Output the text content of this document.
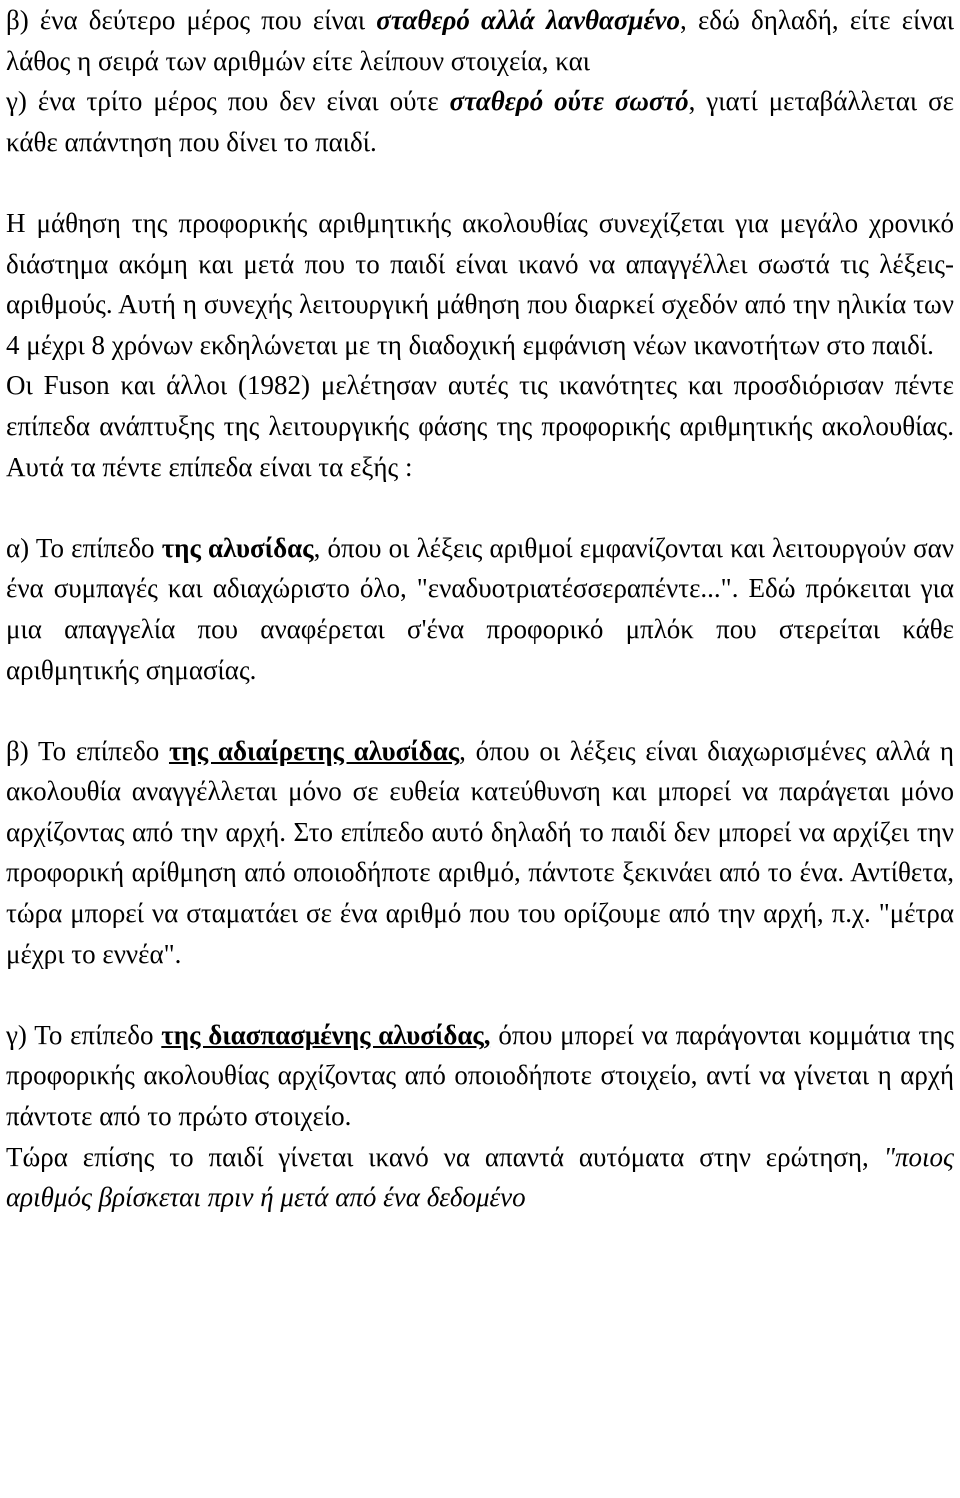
β) ένα δεύτερο μέρος που είναι σταθερό αλλά λανθασμένο, εδώ δηλαδή, είτε είναι λάθος η σειρά των αριθμών είτε λείπουν στοιχεία, και

γ) ένα τρίτο μέρος που δεν είναι ούτε σταθερό ούτε σωστό, γιατί μεταβάλλεται σε κάθε απάντηση που δίνει το παιδί.

Η μάθηση της προφορικής αριθμητικής ακολουθίας συνεχίζεται για μεγάλο χρονικό διάστημα ακόμη και μετά που το παιδί είναι ικανό να απαγγέλλει σωστά τις λέξεις-αριθμούς. Αυτή η συνεχής λειτουργική μάθηση που διαρκεί σχεδόν από την ηλικία των 4 μέχρι 8 χρόνων εκδηλώνεται με τη διαδοχική εμφάνιση νέων ικανοτήτων στο παιδί.

Οι Fuson και άλλοι (1982) μελέτησαν αυτές τις ικανότητες και προσδιόρισαν πέντε επίπεδα ανάπτυξης της λειτουργικής φάσης της προφορικής αριθμητικής ακολουθίας. Αυτά τα πέντε επίπεδα είναι τα εξής :

α) Το επίπεδο της αλυσίδας, όπου οι λέξεις αριθμοί εμφανίζονται και λειτουργούν σαν ένα συμπαγές και αδιαχώριστο όλο, "εναδυοτριατέσσεραπέντε...". Εδώ πρόκειται για μια απαγγελία που αναφέρεται σ'ένα προφορικό μπλόκ που στερείται κάθε αριθμητικής σημασίας.

β) Το επίπεδο της αδιαίρετης αλυσίδας, όπου οι λέξεις είναι διαχωρισμένες αλλά η ακολουθία αναγγέλλεται μόνο σε ευθεία κατεύθυνση και μπορεί να παράγεται μόνο αρχίζοντας από την αρχή. Στο επίπεδο αυτό δηλαδή το παιδί δεν μπορεί να αρχίζει την προφορική αρίθμηση από οποιοδήποτε αριθμό, πάντοτε ξεκινάει από το ένα. Αντίθετα, τώρα μπορεί να σταματάει σε ένα αριθμό που του ορίζουμε από την αρχή, π.χ. "μέτρα μέχρι το εννέα".

γ) Το επίπεδο της διασπασμένης αλυσίδας, όπου μπορεί να παράγονται κομμάτια της προφορικής ακολουθίας αρχίζοντας από οποιοδήποτε στοιχείο, αντί να γίνεται η αρχή πάντοτε από το πρώτο στοιχείο.

Τώρα επίσης το παιδί γίνεται ικανό να απαντά αυτόματα στην ερώτηση, "ποιος αριθμός βρίσκεται πριν ή μετά από ένα δεδομένο
